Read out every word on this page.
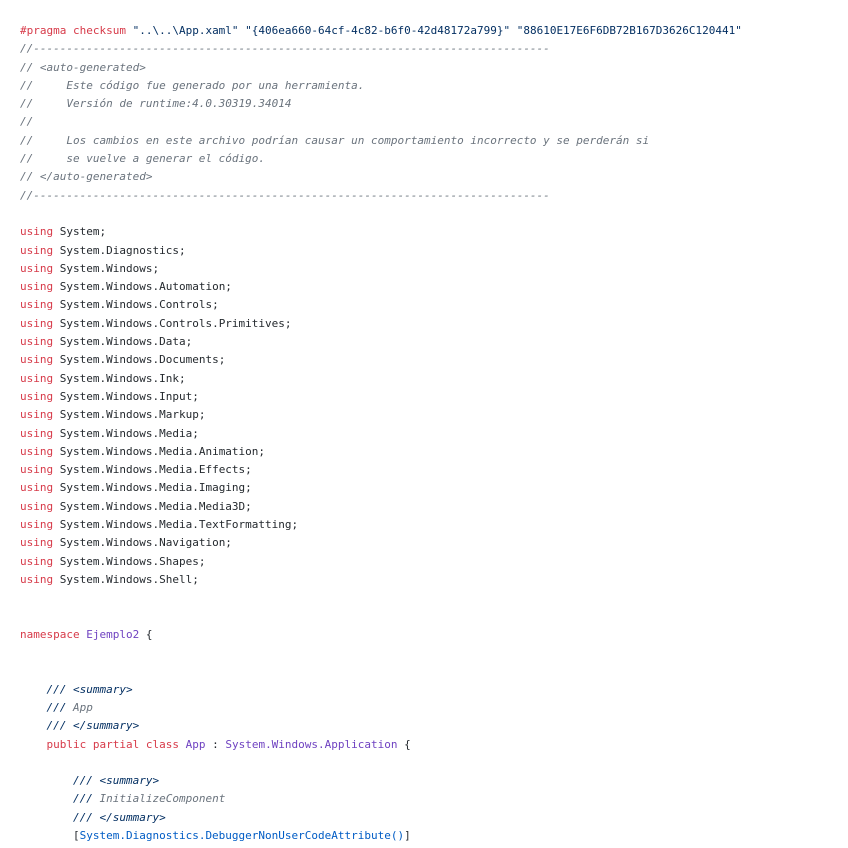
#pragma checksum "..\..\App.xaml" "{406ea660-64cf-4c82-b6f0-42d48172a799}" "88610E17E6F6DB72B167D3626C120441"
//------------------------------------------------------------------------------
// <auto-generated>
//     Este código fue generado por una herramienta.
//     Versión de runtime:4.0.30319.34014
//
//     Los cambios en este archivo podrían causar un comportamiento incorrecto y se perderán si
//     se vuelve a generar el código.
// </auto-generated>
//------------------------------------------------------------------------------
using System;
using System.Diagnostics;
using System.Windows;
using System.Windows.Automation;
using System.Windows.Controls;
using System.Windows.Controls.Primitives;
using System.Windows.Data;
using System.Windows.Documents;
using System.Windows.Ink;
using System.Windows.Input;
using System.Windows.Markup;
using System.Windows.Media;
using System.Windows.Media.Animation;
using System.Windows.Media.Effects;
using System.Windows.Media.Imaging;
using System.Windows.Media.Media3D;
using System.Windows.Media.TextFormatting;
using System.Windows.Navigation;
using System.Windows.Shapes;
using System.Windows.Shell;
namespace Ejemplo2 {
/// <summary>
/// App
/// </summary>
public partial class App : System.Windows.Application {
/// <summary>
/// InitializeComponent
/// </summary>
[System.Diagnostics.DebuggerNonUserCodeAttribute()]
